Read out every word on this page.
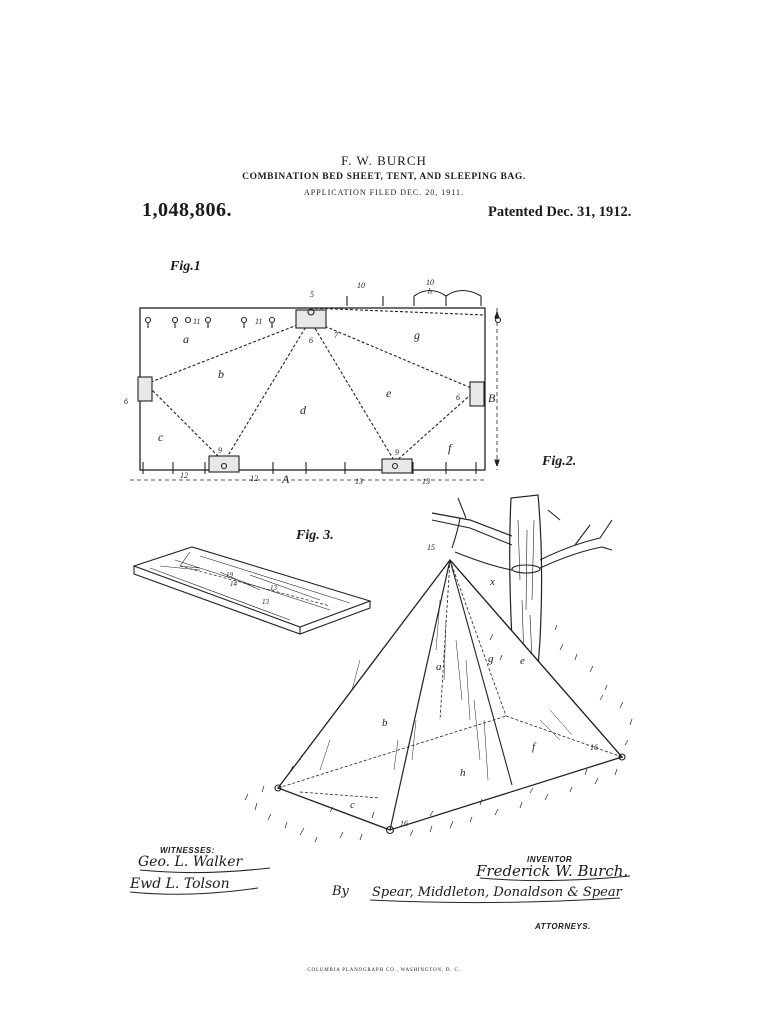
F. W. BURCH
COMBINATION BED SHEET, TENT, AND SLEEPING BAG.
APPLICATION FILED DEC. 20, 1911.
1,048,806.	Patented Dec. 31, 1912.
Fig.1
Fig.2.
Fig. 3.
a
b
c
d
e
f
g
A
B
5
10	10
h
11	11
6
7
6	6
9	9
12	12	13	13
19
13
14
13
a
b
c
g e
f
h
x
15
16
16
WITNESSES:
Geo. L. Walker
Ewd L. Tolson
INVENTOR
Frederick W. Burch.
By Spear, Middleton, Donaldson & Spear
ATTORNEYS.
COLUMBIA PLANOGRAPH CO., WASHINGTON, D. C.
